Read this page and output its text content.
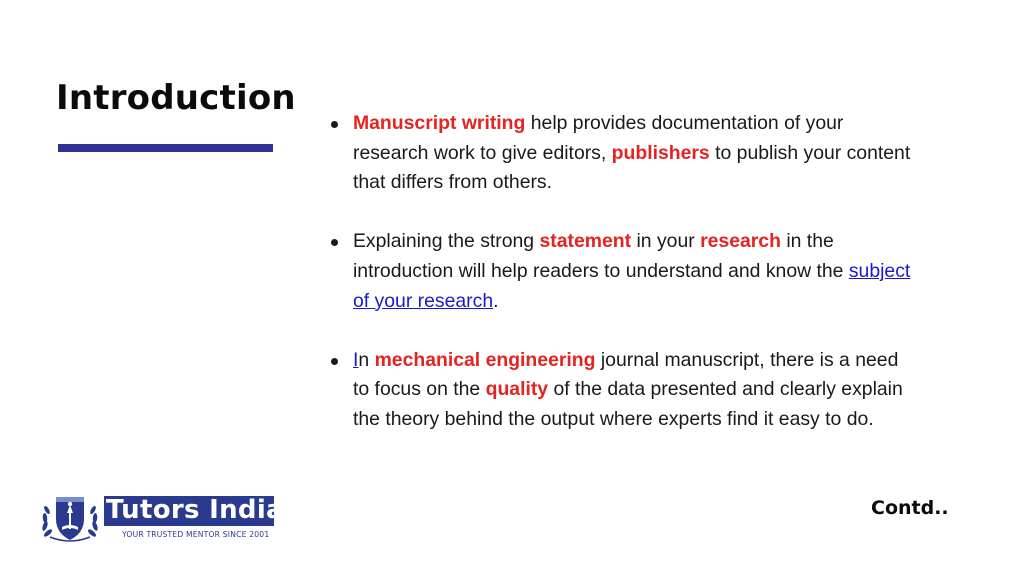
Introduction
Manuscript writing help provides documentation of your research work to give editors, publishers to publish your content that differs from others.
Explaining the strong statement in your research in the introduction will help readers to understand and know the subject of your research.
In mechanical engineering journal manuscript, there is a need to focus on the quality of the data presented and clearly explain the theory behind the output where experts find it easy to do.
Tutors India
YOUR TRUSTED MENTOR SINCE 2001
Contd..
